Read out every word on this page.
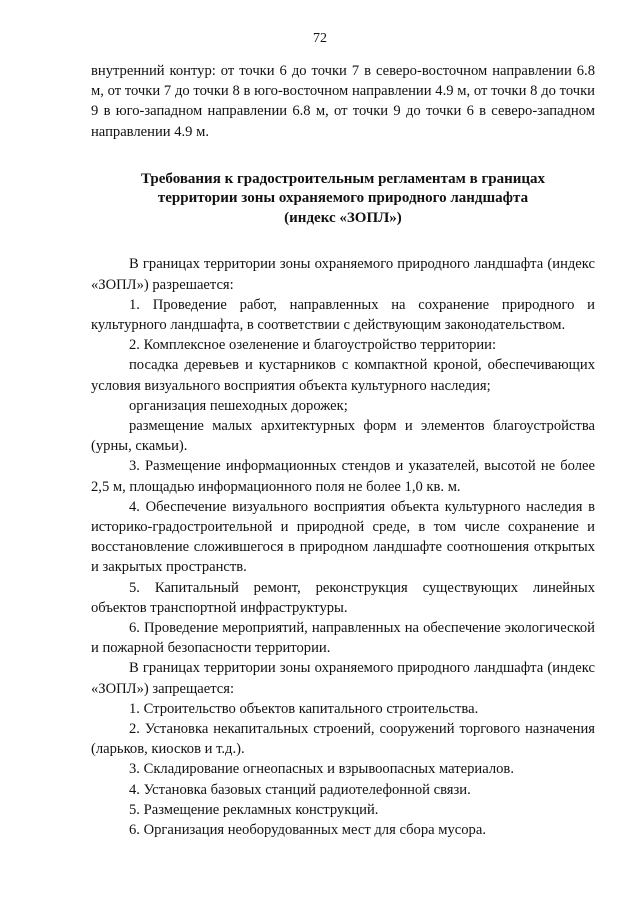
72

внутренний контур: от точки 6 до точки 7 в северо-восточном направлении 6.8 м, от точки 7 до точки 8 в юго-восточном направлении 4.9 м, от точки 8 до точки 9 в юго-западном направлении 6.8 м, от точки 9 до точки 6 в северо-западном направлении 4.9 м.

Требования к градостроительным регламентам в границах
территории зоны охраняемого природного ландшафта
(индекс «ЗОПЛ»)

В границах территории зоны охраняемого природного ландшафта (индекс «ЗОПЛ») разрешается:

1. Проведение работ, направленных на сохранение природного и культурного ландшафта, в соответствии с действующим законодательством.

2. Комплексное озеленение и благоустройство территории:

посадка деревьев и кустарников с компактной кроной, обеспечивающих условия визуального восприятия объекта культурного наследия;

организация пешеходных дорожек;

размещение малых архитектурных форм и элементов благоустройства (урны, скамьи).

3. Размещение информационных стендов и указателей, высотой не более 2,5 м, площадью информационного поля не более 1,0 кв. м.

4. Обеспечение визуального восприятия объекта культурного наследия в историко-градостроительной и природной среде, в том числе сохранение и восстановление сложившегося в природном ландшафте соотношения открытых и закрытых пространств.

5. Капитальный ремонт, реконструкция существующих линейных объектов транспортной инфраструктуры.

6. Проведение мероприятий, направленных на обеспечение экологической и пожарной безопасности территории.

В границах территории зоны охраняемого природного ландшафта (индекс «ЗОПЛ») запрещается:

1. Строительство объектов капитального строительства.

2. Установка некапитальных строений, сооружений торгового назначения (ларьков, киосков и т.д.).

3. Складирование огнеопасных и взрывоопасных материалов.

4. Установка базовых станций радиотелефонной связи.

5. Размещение рекламных конструкций.

6. Организация необорудованных мест для сбора мусора.
